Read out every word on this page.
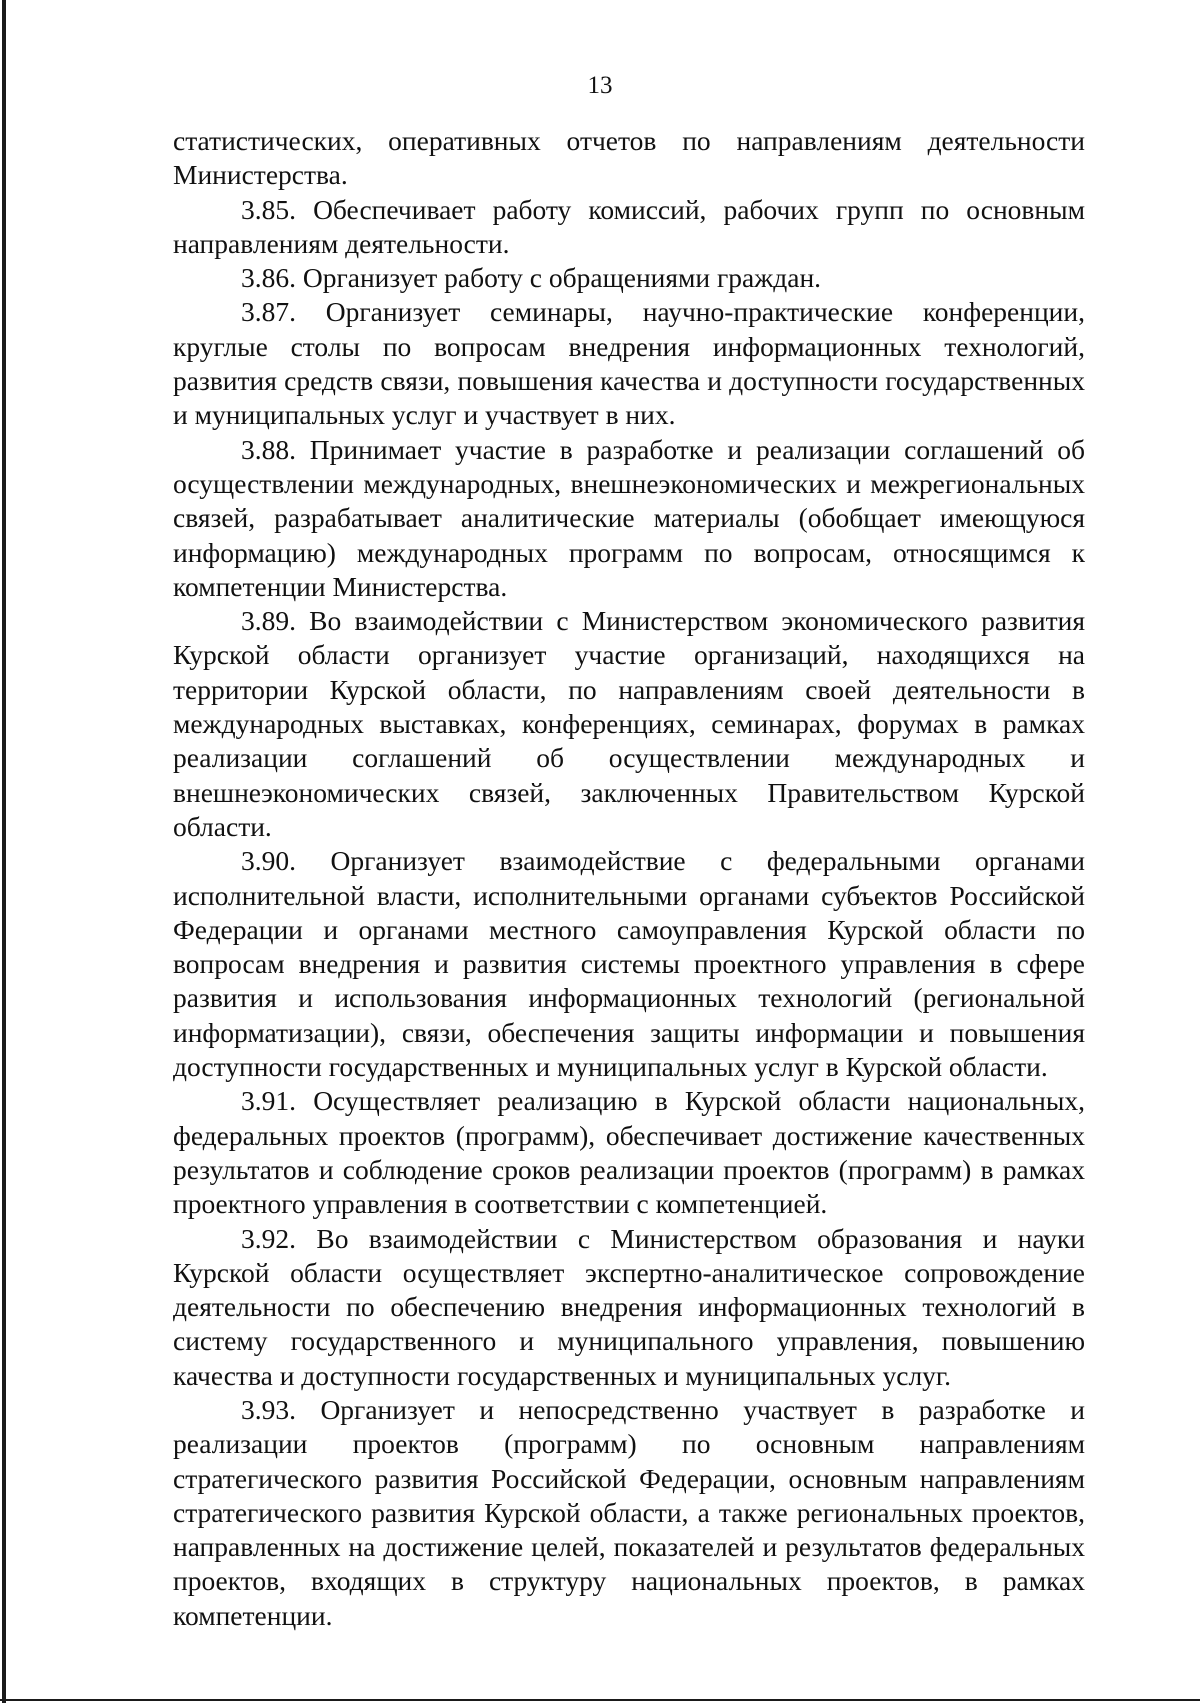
13

статистических, оперативных отчетов по направлениям деятельности Министерства.

3.85. Обеспечивает работу комиссий, рабочих групп по основным направлениям деятельности.

3.86. Организует работу с обращениями граждан.

3.87. Организует семинары, научно-практические конференции, круглые столы по вопросам внедрения информационных технологий, развития средств связи, повышения качества и доступности государственных и муниципальных услуг и участвует в них.

3.88. Принимает участие в разработке и реализации соглашений об осуществлении международных, внешнеэкономических и межрегиональных связей, разрабатывает аналитические материалы (обобщает имеющуюся информацию) международных программ по вопросам, относящимся к компетенции Министерства.

3.89. Во взаимодействии с Министерством экономического развития Курской области организует участие организаций, находящихся на территории Курской области, по направлениям своей деятельности в международных выставках, конференциях, семинарах, форумах в рамках реализации соглашений об осуществлении международных и внешнеэкономических связей, заключенных Правительством Курской области.

3.90. Организует взаимодействие с федеральными органами исполнительной власти, исполнительными органами субъектов Российской Федерации и органами местного самоуправления Курской области по вопросам внедрения и развития системы проектного управления в сфере развития и использования информационных технологий (региональной информатизации), связи, обеспечения защиты информации и повышения доступности государственных и муниципальных услуг в Курской области.

3.91. Осуществляет реализацию в Курской области национальных, федеральных проектов (программ), обеспечивает достижение качественных результатов и соблюдение сроков реализации проектов (программ) в рамках проектного управления в соответствии с компетенцией.

3.92. Во взаимодействии с Министерством образования и науки Курской области осуществляет экспертно-аналитическое сопровождение деятельности по обеспечению внедрения информационных технологий в систему государственного и муниципального управления, повышению качества и доступности государственных и муниципальных услуг.

3.93. Организует и непосредственно участвует в разработке и реализации проектов (программ) по основным направлениям стратегического развития Российской Федерации, основным направлениям стратегического развития Курской области, а также региональных проектов, направленных на достижение целей, показателей и результатов федеральных проектов, входящих в структуру национальных проектов, в рамках компетенции.
